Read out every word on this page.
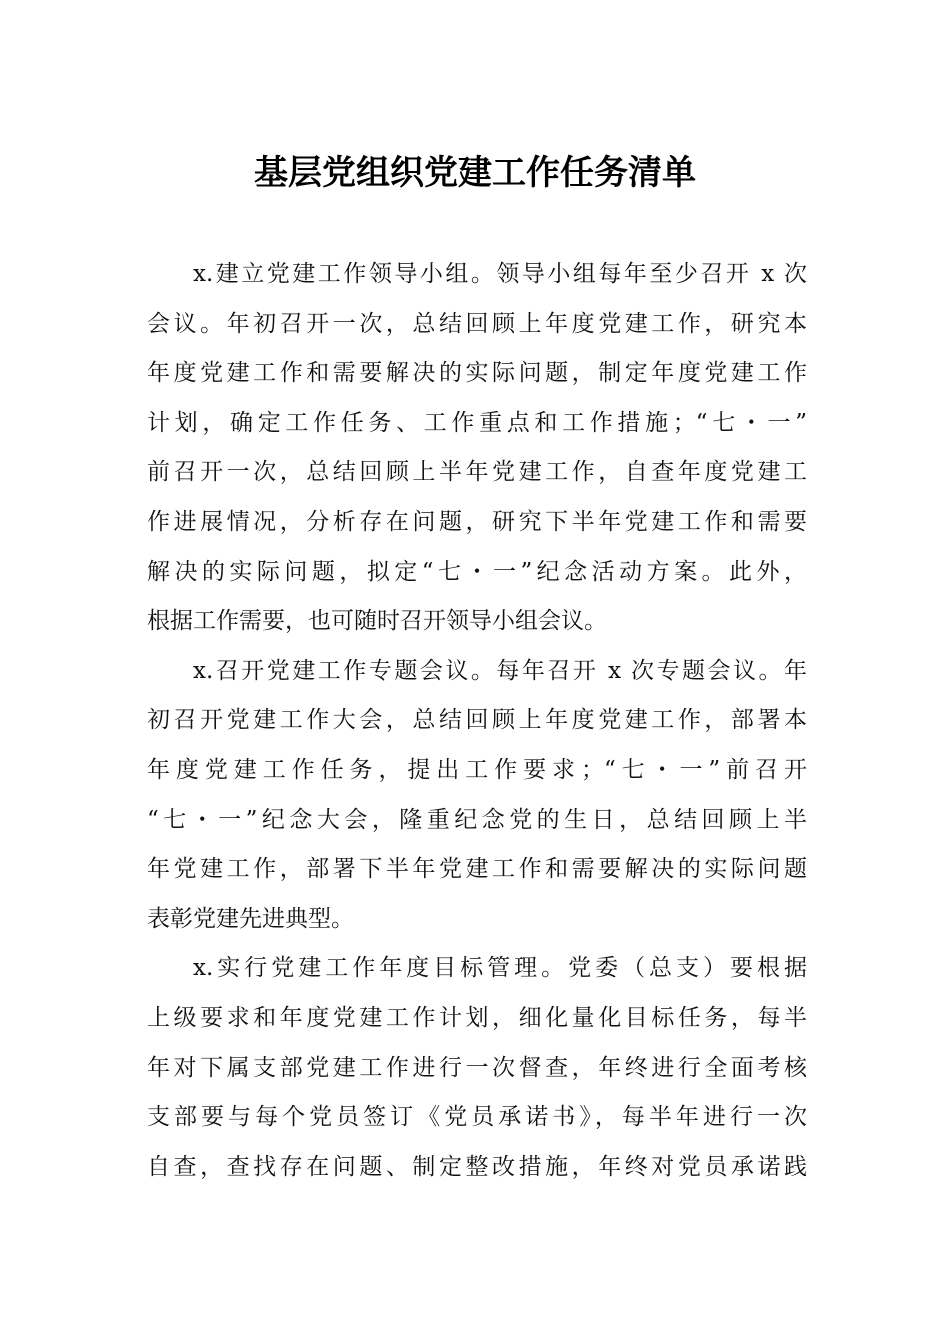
基层党组织党建工作任务清单
x.建立党建工作领导小组。领导小组每年至少召开 x 次
会议。年初召开一次，总结回顾上年度党建工作，研究本
年度党建工作和需要解决的实际问题，制定年度党建工作
计划，确定工作任务、工作重点和工作措施；“七・一”
前召开一次，总结回顾上半年党建工作，自查年度党建工
作进展情况，分析存在问题，研究下半年党建工作和需要
解决的实际问题，拟定“七・一”纪念活动方案。此外，
根据工作需要，也可随时召开领导小组会议。
x.召开党建工作专题会议。每年召开 x 次专题会议。年
初召开党建工作大会，总结回顾上年度党建工作，部署本
年度党建工作任务，提出工作要求；“七・一”前召开
“七・一”纪念大会，隆重纪念党的生日，总结回顾上半
年党建工作，部署下半年党建工作和需要解决的实际问题
表彰党建先进典型。
x.实行党建工作年度目标管理。党委（总支）要根据
上级要求和年度党建工作计划，细化量化目标任务，每半
年对下属支部党建工作进行一次督查，年终进行全面考核
支部要与每个党员签订《党员承诺书》，每半年进行一次
自查，查找存在问题、制定整改措施，年终对党员承诺践
